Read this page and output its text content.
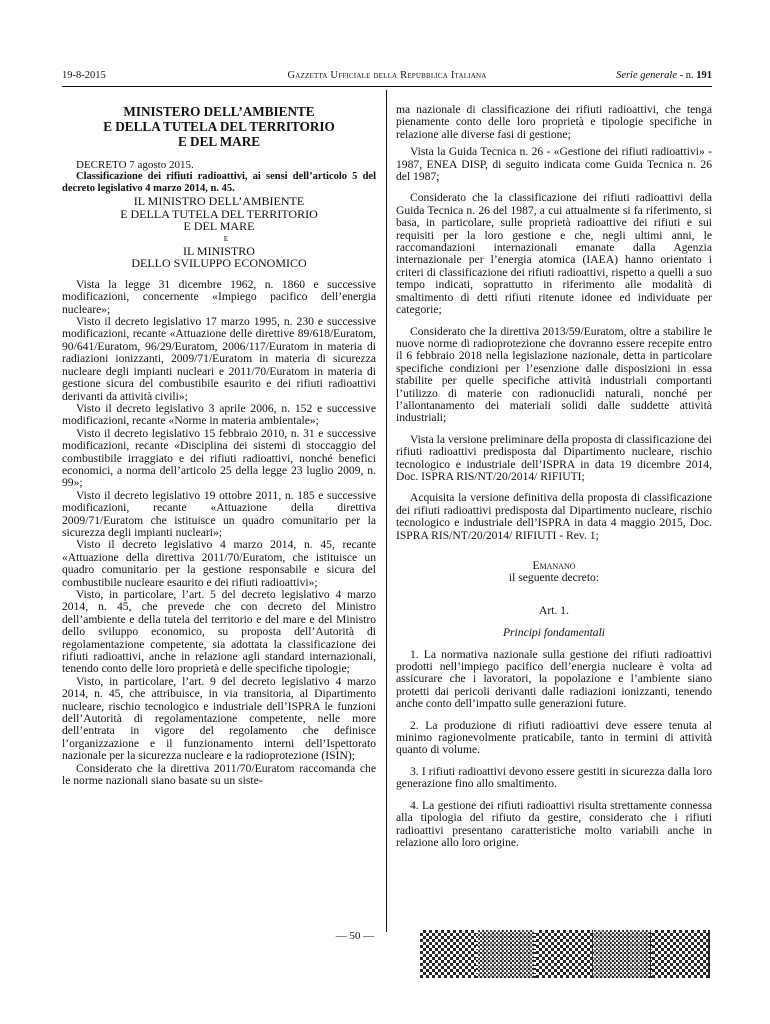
19-8-2015	Gazzetta Ufficiale della Repubblica Italiana	Serie generale - n. 191
MINISTERO DELL’AMBIENTE
E DELLA TUTELA DEL TERRITORIO
E DEL MARE

DECRETO 7 agosto 2015.

Classificazione dei rifiuti radioattivi, ai sensi dell’articolo 5 del decreto legislativo 4 marzo 2014, n. 45.

IL MINISTRO DELL’AMBIENTE

E DELLA TUTELA DEL TERRITORIO

E DEL MARE

E

IL MINISTRO

DELLO SVILUPPO ECONOMICO

Vista la legge 31 dicembre 1962, n. 1860 e successive modificazioni, concernente «Impiego pacifico dell’energia nucleare»;

Visto il decreto legislativo 17 marzo 1995, n. 230 e successive modificazioni, recante «Attuazione delle direttive 89/618/Euratom, 90/641/Euratom, 96/29/Euratom, 2006/117/Euratom in materia di radiazioni ionizzanti, 2009/71/Euratom in materia di sicurezza nucleare degli impianti nucleari e 2011/70/Euratom in materia di gestione sicura del combustibile esaurito e dei rifiuti radioattivi derivanti da attività civili»;

Visto il decreto legislativo 3 aprile 2006, n. 152 e successive modificazioni, recante «Norme in materia ambientale»;

Visto il decreto legislativo 15 febbraio 2010, n. 31 e successive modificazioni, recante «Disciplina dei sistemi di stoccaggio del combustibile irraggiato e dei rifiuti radioattivi, nonché benefici economici, a norma dell’articolo 25 della legge 23 luglio 2009, n. 99»;

Visto il decreto legislativo 19 ottobre 2011, n. 185 e successive modificazioni, recante «Attuazione della direttiva 2009/71/Euratom che istituisce un quadro comunitario per la sicurezza degli impianti nucleari»;

Visto il decreto legislativo 4 marzo 2014, n. 45, recante «Attuazione della direttiva 2011/70/Euratom, che istituisce un quadro comunitario per la gestione responsabile e sicura del combustibile nucleare esaurito e dei rifiuti radioattivi»;

Visto, in particolare, l’art. 5 del decreto legislativo 4 marzo 2014, n. 45, che prevede che con decreto del Ministro dell’ambiente e della tutela del territorio e del mare e del Ministro dello sviluppo economico, su proposta dell’Autorità di regolamentazione competente, sia adottata la classificazione dei rifiuti radioattivi, anche in relazione agli standard internazionali, tenendo conto delle loro proprietà e delle specifiche tipologie;

Visto, in particolare, l’art. 9 del decreto legislativo 4 marzo 2014, n. 45, che attribuisce, in via transitoria, al Dipartimento nucleare, rischio tecnologico e industriale dell’ISPRA le funzioni dell’Autorità di regolamentazione competente, nelle more dell’entrata in vigore del regolamento che definisce l’organizzazione e il funzionamento interni dell’Ispettorato nazionale per la sicurezza nucleare e la radioprotezione (ISIN);

Considerato che la direttiva 2011/70/Euratom raccomanda che le norme nazionali siano basate su un siste-

ma nazionale di classificazione dei rifiuti radioattivi, che tenga pienamente conto delle loro proprietà e tipologie specifiche in relazione alle diverse fasi di gestione;

Vista la Guida Tecnica n. 26 - «Gestione dei rifiuti radioattivi» - 1987, ENEA DISP, di seguito indicata come Guida Tecnica n. 26 del 1987;

Considerato che la classificazione dei rifiuti radioattivi della Guida Tecnica n. 26 del 1987, a cui attualmente si fa riferimento, si basa, in particolare, sulle proprietà radioattive dei rifiuti e sui requisiti per la loro gestione e che, negli ultimi anni, le raccomandazioni internazionali emanate dalla Agenzia internazionale per l’energia atomica (IAEA) hanno orientato i criteri di classificazione dei rifiuti radioattivi, rispetto a quelli a suo tempo indicati, soprattutto in riferimento alle modalità di smaltimento di detti rifiuti ritenute idonee ed individuate per categorie;

Considerato che la direttiva 2013/59/Euratom, oltre a stabilire le nuove norme di radioprotezione che dovranno essere recepite entro il 6 febbraio 2018 nella legislazione nazionale, detta in particolare specifiche condizioni per l’esenzione dalle disposizioni in essa stabilite per quelle specifiche attività industriali comportanti l’utilizzo di materie con radionuclidi naturali, nonché per l’allontanamento dei materiali solidi dalle suddette attività industriali;

Vista la versione preliminare della proposta di classificazione dei rifiuti radioattivi predisposta dal Dipartimento nucleare, rischio tecnologico e industriale dell’ISPRA in data 19 dicembre 2014, Doc. ISPRA RIS/NT/20/2014/ RIFIUTI;

Acquisita la versione definitiva della proposta di classificazione dei rifiuti radioattivi predisposta dal Dipartimento nucleare, rischio tecnologico e industriale dell’ISPRA in data 4 maggio 2015, Doc. ISPRA RIS/NT/20/2014/ RIFIUTI - Rev. 1;

Emanano

il seguente decreto:

Art. 1.

Principi fondamentali

1. La normativa nazionale sulla gestione dei rifiuti radioattivi prodotti nell’impiego pacifico dell’energia nucleare è volta ad assicurare che i lavoratori, la popolazione e l’ambiente siano protetti dai pericoli derivanti dalle radiazioni ionizzanti, tenendo anche conto dell’impatto sulle generazioni future.

2. La produzione di rifiuti radioattivi deve essere tenuta al minimo ragionevolmente praticabile, tanto in termini di attività quanto di volume.

3. I rifiuti radioattivi devono essere gestiti in sicurezza dalla loro generazione fino allo smaltimento.

4. La gestione dei rifiuti radioattivi risulta strettamente connessa alla tipologia del rifiuto da gestire, considerato che i rifiuti radioattivi presentano caratteristiche molto variabili anche in relazione allo loro origine.

— 50 —
